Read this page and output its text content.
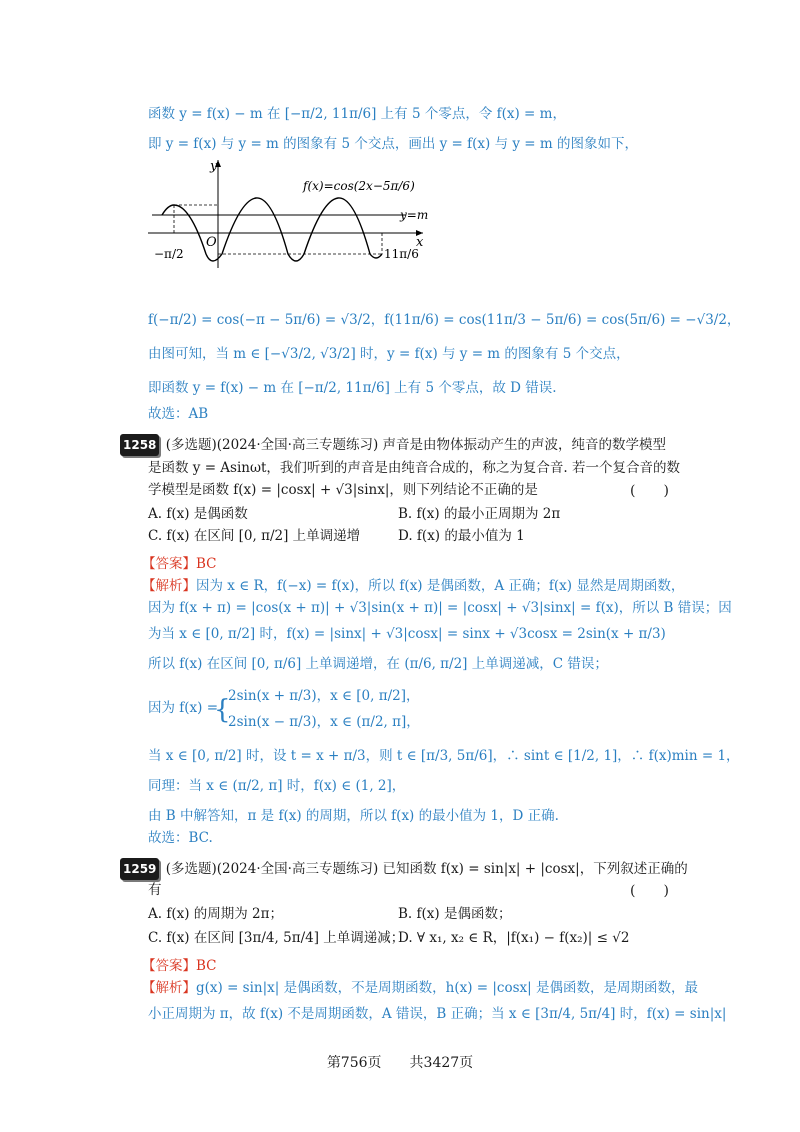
函数 y = f(x) − m 在 [−π/2, 11π/6] 上有 5 个零点，令 f(x) = m，
即 y = f(x) 与 y = m 的图象有 5 个交点，画出 y = f(x) 与 y = m 的图象如下，
y
x
O
y=m
f(x)=cos(2x−5π/6)
−π/2	11π/6
f(−π/2) = cos(−π − 5π/6) = √3/2，f(11π/6) = cos(11π/3 − 5π/6) = cos(5π/6) = −√3/2，
由图可知，当 m ∈ [−√3/2, √3/2] 时，y = f(x) 与 y = m 的图象有 5 个交点，
即函数 y = f(x) − m 在 [−π/2, 11π/6] 上有 5 个零点，故 D 错误.
故选：AB
1258 (多选题)(2024·全国·高三专题练习) 声音是由物体振动产生的声波，纯音的数学模型
是函数 y = Asinωt，我们听到的声音是由纯音合成的，称之为复合音. 若一个复合音的数
学模型是函数 f(x) = |cosx| + √3|sinx|，则下列结论不正确的是	(　　)
A. f(x) 是偶函数	B. f(x) 的最小正周期为 2π
C. f(x) 在区间 [0, π/2] 上单调递增	D. f(x) 的最小值为 1
【答案】BC
【解析】因为 x ∈ R，f(−x) = f(x)，所以 f(x) 是偶函数，A 正确；f(x) 显然是周期函数，
因为 f(x + π) = |cos(x + π)| + √3|sin(x + π)| = |cosx| + √3|sinx| = f(x)，所以 B 错误；因
为当 x ∈ [0, π/2] 时，f(x) = |sinx| + √3|cosx| = sinx + √3cosx = 2sin(x + π/3)
所以 f(x) 在区间 [0, π/6] 上单调递增，在 (π/6, π/2] 上单调递减，C 错误；
因为 f(x) =
{
2sin(x + π/3)，x ∈ [0, π/2]，
2sin(x − π/3)，x ∈ (π/2, π]，
当 x ∈ [0, π/2] 时，设 t = x + π/3，则 t ∈ [π/3, 5π/6]，∴ sint ∈ [1/2, 1]，∴ f(x)min = 1，
同理：当 x ∈ (π/2, π] 时，f(x) ∈ (1, 2]，
由 B 中解答知，π 是 f(x) 的周期，所以 f(x) 的最小值为 1，D 正确.
故选：BC.
1259 (多选题)(2024·全国·高三专题练习) 已知函数 f(x) = sin|x| + |cosx|，下列叙述正确的
有	(　　)
A. f(x) 的周期为 2π；	B. f(x) 是偶函数；
C. f(x) 在区间 [3π/4, 5π/4] 上单调递减；
D. ∀ x₁, x₂ ∈ R，|f(x₁) − f(x₂)| ≤ √2
【答案】BC
【解析】g(x) = sin|x| 是偶函数，不是周期函数，h(x) = |cosx| 是偶函数，是周期函数，最
小正周期为 π，故 f(x) 不是周期函数，A 错误，B 正确；当 x ∈ [3π/4, 5π/4] 时，f(x) = sin|x|
第756页　　共3427页
